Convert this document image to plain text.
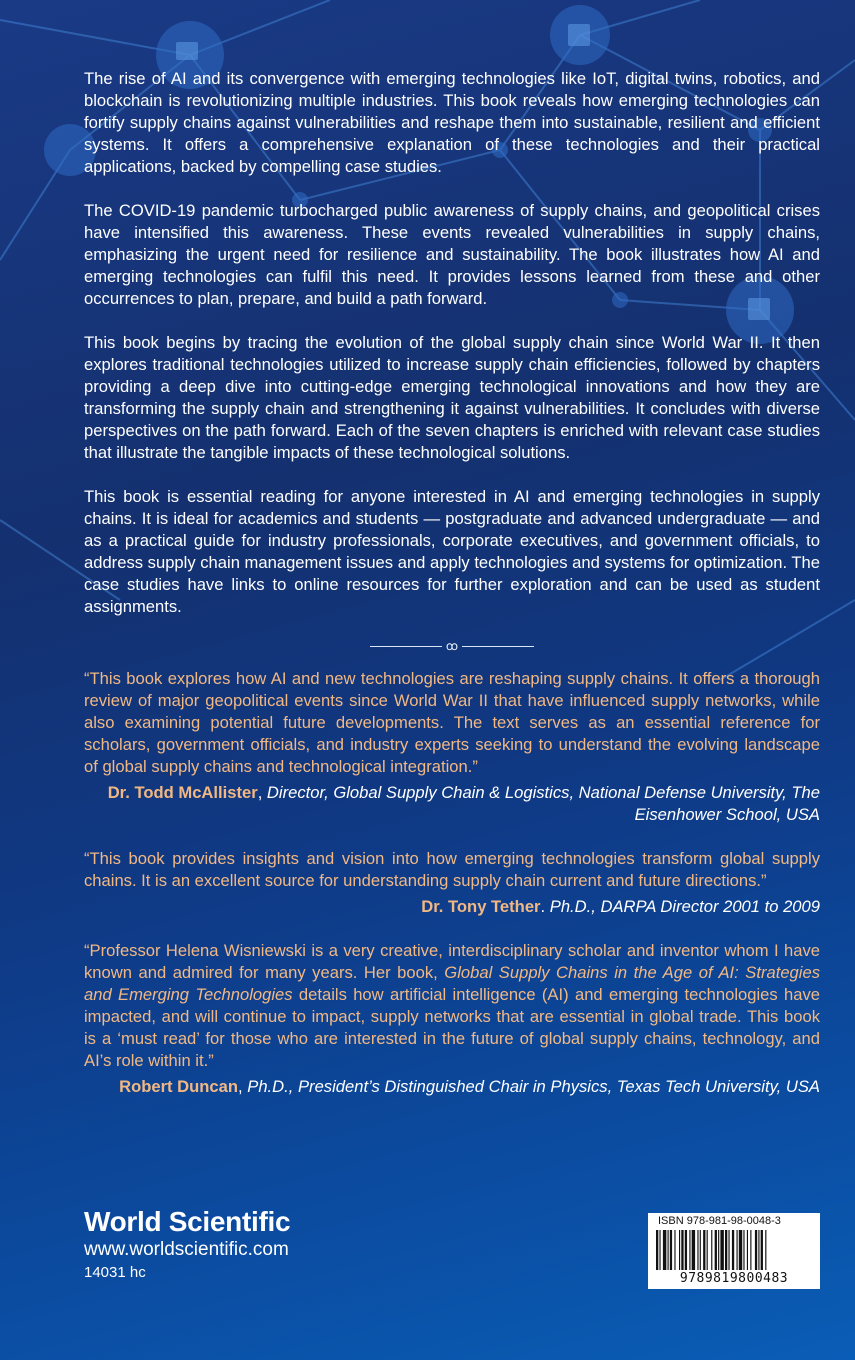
The rise of AI and its convergence with emerging technologies like IoT, digital twins, robotics, and blockchain is revolutionizing multiple industries. This book reveals how emerging technologies can fortify supply chains against vulnerabilities and reshape them into sustainable, resilient and efficient systems. It offers a comprehensive explanation of these technologies and their practical applications, backed by compelling case studies.

The COVID-19 pandemic turbocharged public awareness of supply chains, and geopolitical crises have intensified this awareness. These events revealed vulnerabilities in supply chains, emphasizing the urgent need for resilience and sustainability. The book illustrates how AI and emerging technologies can fulfil this need. It provides lessons learned from these and other occurrences to plan, prepare, and build a path forward.

This book begins by tracing the evolution of the global supply chain since World War II. It then explores traditional technologies utilized to increase supply chain efficiencies, followed by chapters providing a deep dive into cutting-edge emerging technological innovations and how they are transforming the supply chain and strengthening it against vulnerabilities. It concludes with diverse perspectives on the path forward. Each of the seven chapters is enriched with relevant case studies that illustrate the tangible impacts of these technological solutions.

This book is essential reading for anyone interested in AI and emerging technologies in supply chains. It is ideal for academics and students — postgraduate and advanced undergraduate — and as a practical guide for industry professionals, corporate executives, and government officials, to address supply chain management issues and apply technologies and systems for optimization. The case studies have links to online resources for further exploration and can be used as student assignments.

ꝏ

“This book explores how AI and new technologies are reshaping supply chains. It offers a thorough review of major geopolitical events since World War II that have influenced supply networks, while also examining potential future developments. The text serves as an essential reference for scholars, government officials, and industry experts seeking to understand the evolving landscape of global supply chains and technological integration.”

Dr. Todd McAllister, Director, Global Supply Chain & Logistics, National Defense University, The Eisenhower School, USA

“This book provides insights and vision into how emerging technologies transform global supply chains. It is an excellent source for understanding supply chain current and future directions.”

Dr. Tony Tether. Ph.D., DARPA Director 2001 to 2009

“Professor Helena Wisniewski is a very creative, interdisciplinary scholar and inventor whom I have known and admired for many years. Her book, Global Supply Chains in the Age of AI: Strategies and Emerging Technologies details how artificial intelligence (AI) and emerging technologies have impacted, and will continue to impact, supply networks that are essential in global trade. This book is a ‘must read’ for those who are interested in the future of global supply chains, technology, and AI’s role within it.”

Robert Duncan, Ph.D., President’s Distinguished Chair in Physics, Texas Tech University, USA
World Scientific
www.worldscientific.com
14031 hc
ISBN 978-981-98-0048-3
9789819800483
